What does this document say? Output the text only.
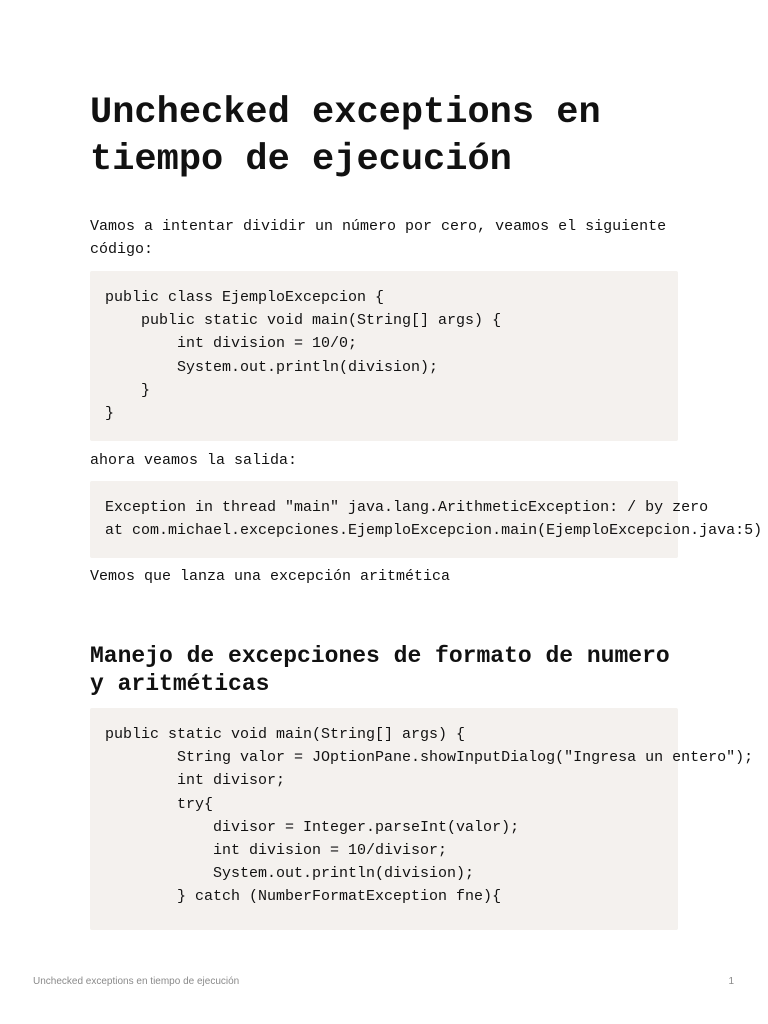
Unchecked exceptions en tiempo de ejecución

Vamos a intentar dividir un número por cero, veamos el siguiente código:

public class EjemploExcepcion {
public static void main(String[] args) {
int division = 10/0;
System.out.println(division);
}
}

ahora veamos la salida:

Exception in thread "main" java.lang.ArithmeticException: / by zero
at com.michael.excepciones.EjemploExcepcion.main(EjemploExcepcion.java:5)

Vemos que lanza una excepción aritmética

Manejo de excepciones de formato de numero y aritméticas
public static void main(String[] args) {
String valor = JOptionPane.showInputDialog("Ingresa un entero");
int divisor;
try{
divisor = Integer.parseInt(valor);
int division = 10/divisor;
System.out.println(division);
} catch (NumberFormatException fne){
Unchecked exceptions en tiempo de ejecución	1
